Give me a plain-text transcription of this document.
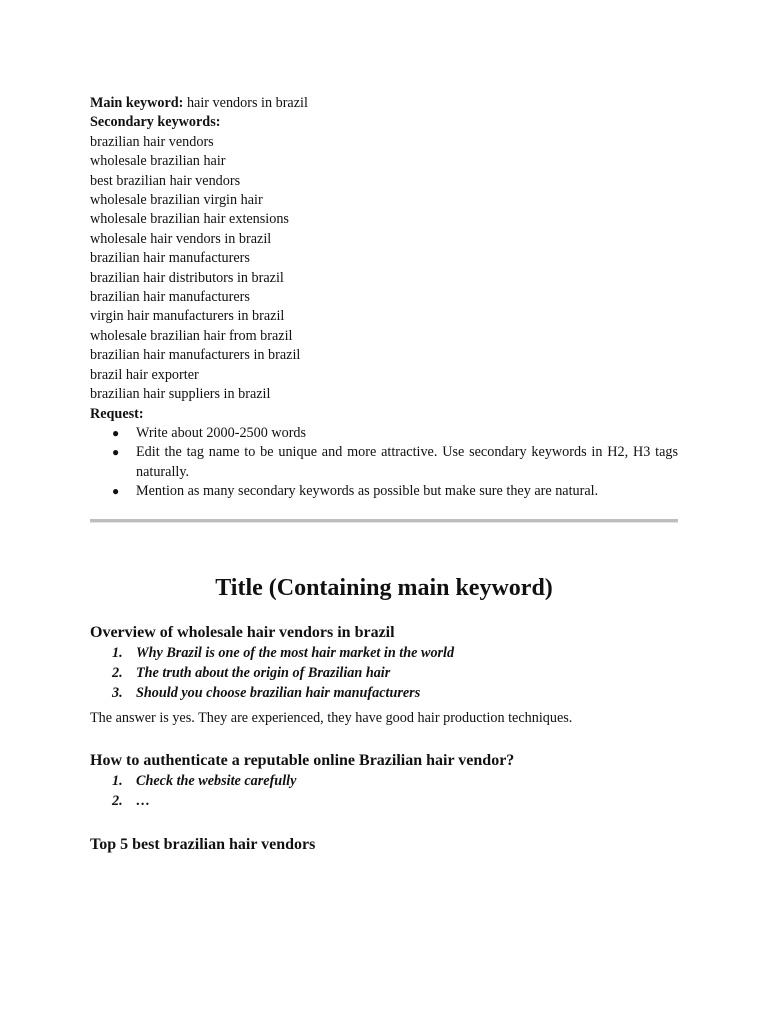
Main keyword: hair vendors in brazil
Secondary keywords:
brazilian hair vendors
wholesale brazilian hair
best brazilian hair vendors
wholesale brazilian virgin hair
wholesale brazilian hair extensions
wholesale hair vendors in brazil
brazilian hair manufacturers
brazilian hair distributors in brazil
brazilian hair manufacturers
virgin hair manufacturers in brazil
wholesale brazilian hair from brazil
brazilian hair manufacturers in brazil
brazil hair exporter
brazilian hair suppliers in brazil
Request:
● Write about 2000-2500 words
● Edit the tag name to be unique and more attractive. Use secondary keywords in H2, H3 tags naturally.
● Mention as many secondary keywords as possible but make sure they are natural.
Title (Containing main keyword)
Overview of wholesale hair vendors in brazil
1. Why Brazil is one of the most hair market in the world
2. The truth about the origin of Brazilian hair
3. Should you choose brazilian hair manufacturers
The answer is yes. They are experienced, they have good hair production techniques.
How to authenticate a reputable online Brazilian hair vendor?
1. Check the website carefully
2. …
Top 5 best brazilian hair vendors
